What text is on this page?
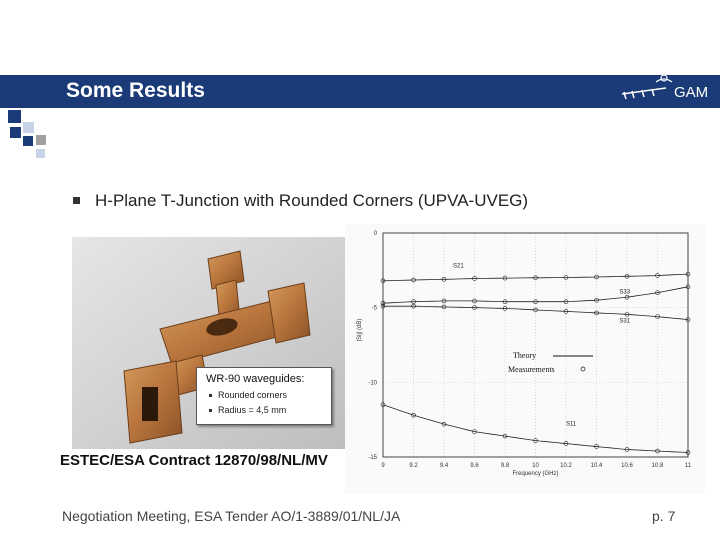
Some Results	GAM
H-Plane T-Junction with Rounded Corners (UPVA-UVEG)
WR-90 waveguides:
Rounded corners
Radius = 4,5 mm
ESTEC/ESA Contract 12870/98/NL/MV	9	9.2	9.4	9.6	9.8	10	10.2	10.4	10.6	10.8	11
0
-5
-10
-15
Frequency (GHz)
|Sij| (dB)
S21
S33
S31
S11
Theory
Measurements
Negotiation Meeting, ESA Tender AO/1-3889/01/NL/JA	p. 7
